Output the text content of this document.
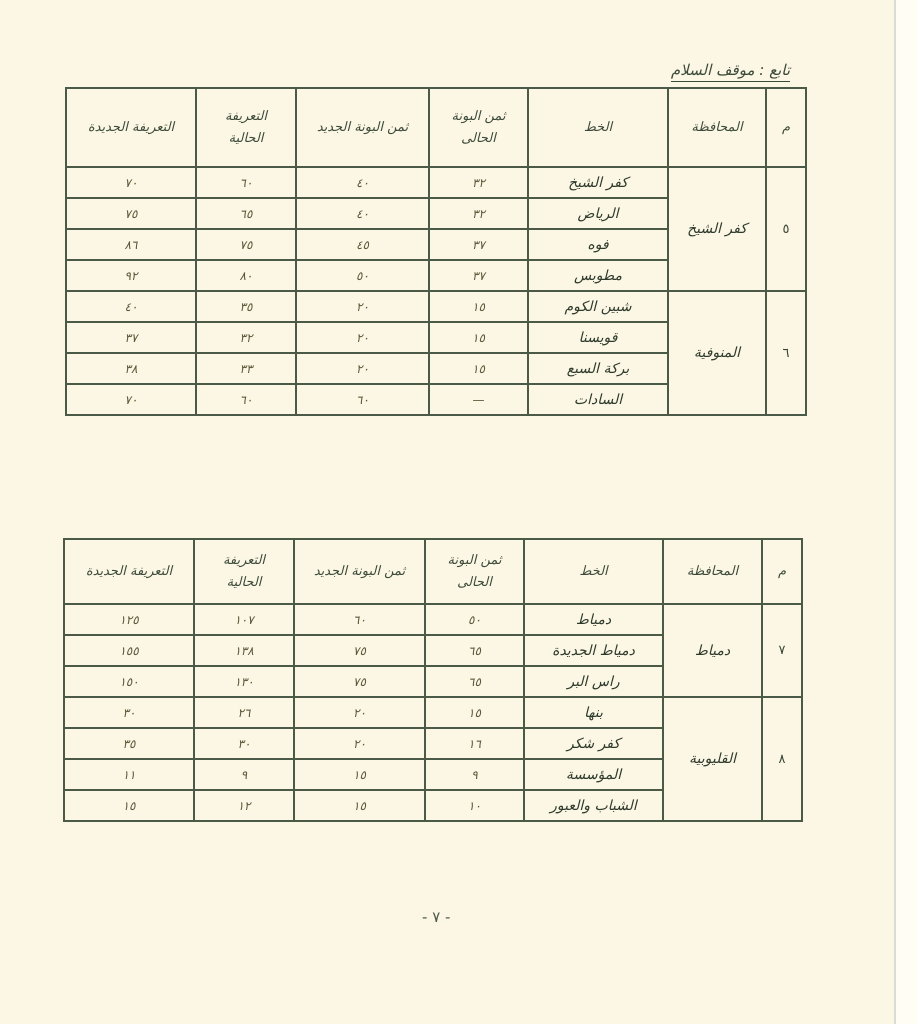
تابع : موقف السلام
م	المحافظة	الخط	ثمن البونة الحالى	ثمن البونة الجديد	التعريفة الحالية	التعريفة الجديدة
٥	كفر الشيخ	كفر الشيخ	٣٢	٤٠	٦٠	٧٠
		الرياض	٣٢	٤٠	٦٥	٧٥
		فوه	٣٧	٤٥	٧٥	٨٦
		مطوبس	٣٧	٥٠	٨٠	٩٢
٦	المنوفية	شبين الكوم	١٥	٢٠	٣٥	٤٠
		قويسنا	١٥	٢٠	٣٢	٣٧
		بركة السبع	١٥	٢٠	٣٣	٣٨
		السادات	—	٦٠	٦٠	٧٠
م	المحافظة	الخط	ثمن البونة الحالى	ثمن البونة الجديد	التعريفة الحالية	التعريفة الجديدة
٧	دمياط	دمياط	٥٠	٦٠	١٠٧	١٢٥
		دمياط الجديدة	٦٥	٧٥	١٣٨	١٥٥
		راس البر	٦٥	٧٥	١٣٠	١٥٠
٨	القليوبية	بنها	١٥	٢٠	٢٦	٣٠
		كفر شكر	١٦	٢٠	٣٠	٣٥
		المؤسسة	٩	١٥	٩	١١
		الشباب والعبور	١٠	١٥	١٢	١٥
- ٧ -
